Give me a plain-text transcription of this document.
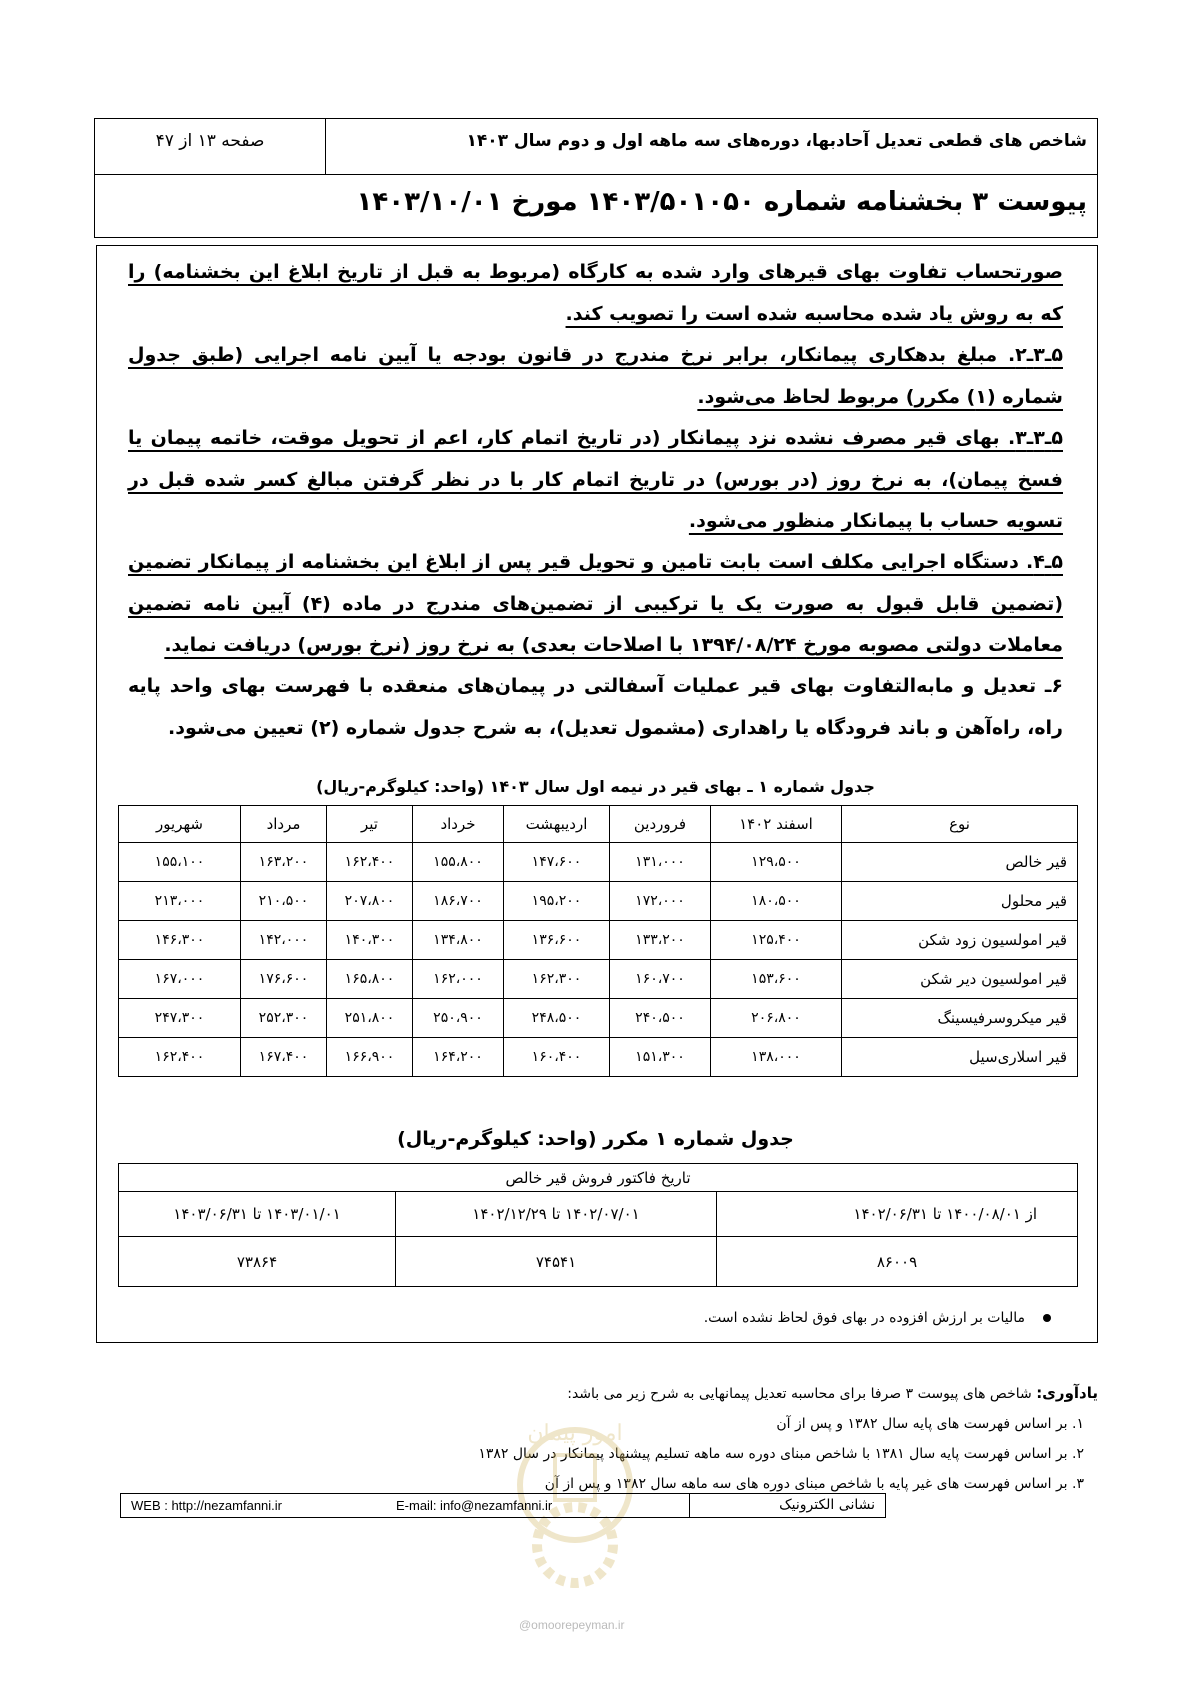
شاخص های قطعی تعدیل آحادبها، دوره‌های سه ماهه اول و دوم سال ۱۴۰۳
صفحه ۱۳ از ۴۷
پیوست ۳ بخشنامه شماره ۱۴۰۳/۵۰۱۰۵۰ مورخ ۱۴۰۳/۱۰/۰۱
صورتحساب تفاوت بهای قیرهای وارد شده به کارگاه (مربوط به قبل از تاریخ ابلاغ این بخشنامه) را که به روش یاد شده محاسبه شده است را تصویب کند.
۵ـ۳ـ۲. مبلغ بدهکاری پیمانکار، برابر نرخ مندرج در قانون بودجه یا آیین نامه اجرایی (طبق جدول شماره (۱) مکرر) مربوط لحاظ می‌شود.
۵ـ۳ـ۳. بهای قیر مصرف نشده نزد پیمانکار (در تاریخ اتمام کار، اعم از تحویل موقت، خاتمه پیمان یا فسخ پیمان)، به نرخ روز (در بورس) در تاریخ اتمام کار با در نظر گرفتن مبالغ کسر شده قبل در تسویه حساب با پیمانکار منظور می‌شود.
۵ـ۴. دستگاه اجرایی مکلف است بابت تامین و تحویل قیر پس از ابلاغ این بخشنامه از پیمانکار تضمین (تضمین قابل قبول به صورت یک یا ترکیبی از تضمین‌های مندرج در ماده (۴) آیین نامه تضمین معاملات دولتی مصوبه مورخ ۱۳۹۴/۰۸/۲۴ با اصلاحات بعدی) به نرخ روز (نرخ بورس) دریافت نماید.
۶ـ تعدیل و مابه‌التفاوت بهای قیر عملیات آسفالتی در پیمان‌های منعقده با فهرست بهای واحد پایه راه، راه‌آهن و باند فرودگاه یا راهداری (مشمول تعدیل)، به شرح جدول شماره (۲) تعیین می‌شود.
جدول شماره ۱ ـ بهای قیر در نیمه اول سال ۱۴۰۳ (واحد: کیلوگرم-ریال)
نوع	اسفند ۱۴۰۲	فروردین	اردیبهشت	خرداد	تیر	مرداد	شهریور
قیر خالص	۱۲۹،۵۰۰	۱۳۱،۰۰۰	۱۴۷،۶۰۰	۱۵۵،۸۰۰	۱۶۲،۴۰۰	۱۶۳،۲۰۰	۱۵۵،۱۰۰
قیر محلول	۱۸۰،۵۰۰	۱۷۲،۰۰۰	۱۹۵،۲۰۰	۱۸۶،۷۰۰	۲۰۷،۸۰۰	۲۱۰،۵۰۰	۲۱۳،۰۰۰
قیر امولسیون زود شکن	۱۲۵،۴۰۰	۱۳۳،۲۰۰	۱۳۶،۶۰۰	۱۳۴،۸۰۰	۱۴۰،۳۰۰	۱۴۲،۰۰۰	۱۴۶،۳۰۰
قیر امولسیون دیر شکن	۱۵۳،۶۰۰	۱۶۰،۷۰۰	۱۶۲،۳۰۰	۱۶۲،۰۰۰	۱۶۵،۸۰۰	۱۷۶،۶۰۰	۱۶۷،۰۰۰
قیر میکروسرفیسینگ	۲۰۶،۸۰۰	۲۴۰،۵۰۰	۲۴۸،۵۰۰	۲۵۰،۹۰۰	۲۵۱،۸۰۰	۲۵۲،۳۰۰	۲۴۷،۳۰۰
قیر اسلاری‌سیل	۱۳۸،۰۰۰	۱۵۱،۳۰۰	۱۶۰،۴۰۰	۱۶۴،۲۰۰	۱۶۶،۹۰۰	۱۶۷،۴۰۰	۱۶۲،۴۰۰
جدول شماره ۱ مکرر (واحد: کیلوگرم-ریال)
تاریخ فاکتور فروش قیر خالص		
از ۱۴۰۰/۰۸/۰۱ تا ۱۴۰۲/۰۶/۳۱	۱۴۰۲/۰۷/۰۱ تا ۱۴۰۲/۱۲/۲۹	۱۴۰۳/۰۱/۰۱ تا ۱۴۰۳/۰۶/۳۱
۸۶۰۰۹	۷۴۵۴۱	۷۳۸۶۴
مالیات بر ارزش افزوده در بهای فوق لحاظ نشده است.
یادآوری: شاخص های پیوست ۳ صرفا برای محاسبه تعدیل پیمانهایی به شرح زیر می باشد:
۱. بر اساس فهرست های پایه سال ۱۳۸۲ و پس از آن
۲. بر اساس فهرست پایه سال ۱۳۸۱ با شاخص مبنای دوره سه ماهه تسلیم پیشنهاد پیمانکار در سال ۱۳۸۲
۳. بر اساس فهرست های غیر پایه با شاخص مبنای دوره های سه ماهه سال ۱۳۸۲ و پس از آن
امور پیمان
@omoorepeyman.ir
نشانی الکترونیک
E-mail: info@nezamfanni.ir
WEB : http://nezamfanni.ir
